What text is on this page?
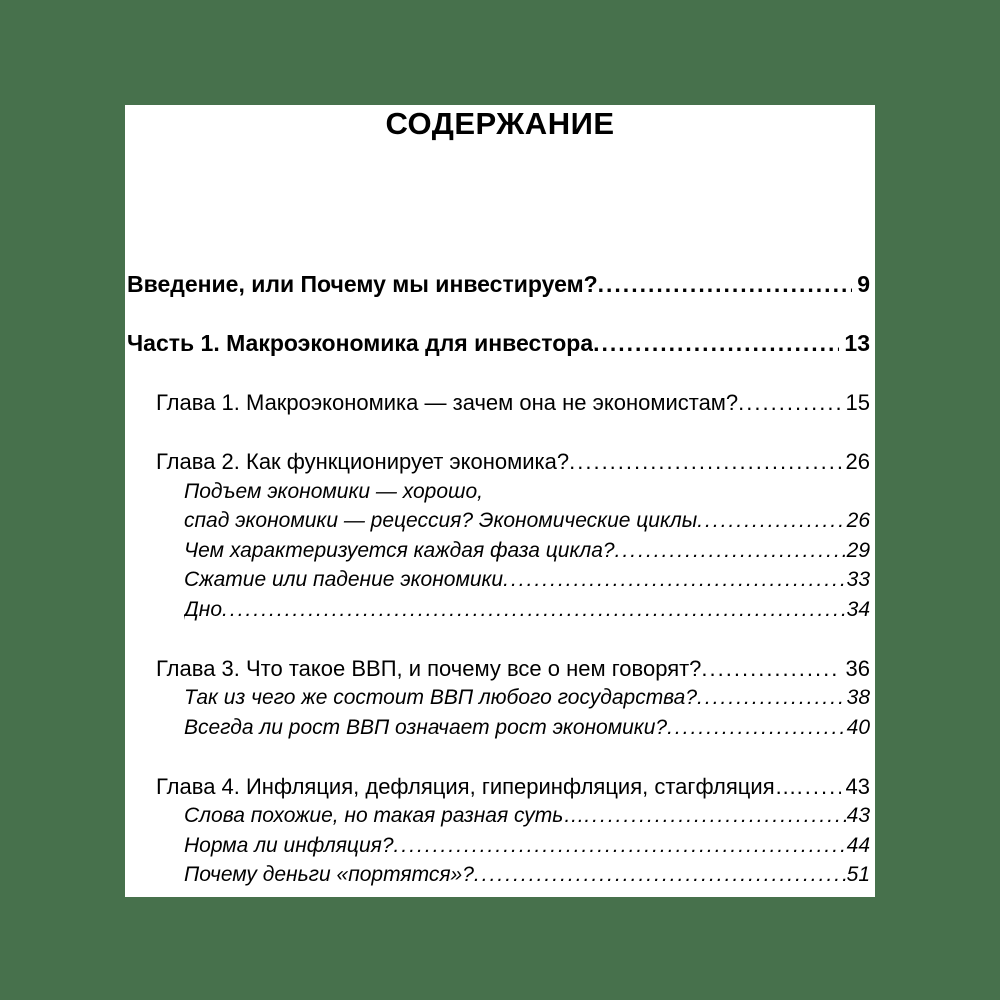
СОДЕРЖАНИЕ
Введение, или Почему мы инвестируем? .....	9
Часть 1. Макроэкономика для инвестора .....	13
Глава 1. Макроэкономика — зачем она не экономистам? .....	15
Глава 2. Как функционирует экономика? .....	26
Подъем экономики — хорошо,
спад экономики — рецессия? Экономические циклы .....	26
Чем характеризуется каждая фаза цикла? .....	29
Сжатие или падение экономики .....	33
Дно .....	34
Глава 3. Что такое ВВП, и почему все о нем говорят? .....	36
Так из чего же состоит ВВП любого государства? .....	38
Всегда ли рост ВВП означает рост экономики? .....	40
Глава 4. Инфляция, дефляция, гиперинфляция, стагфляция… ..... 43
Слова похожие, но такая разная суть… .....	43
Норма ли инфляция? .....	44
Почему деньги «портятся»? .....	51
